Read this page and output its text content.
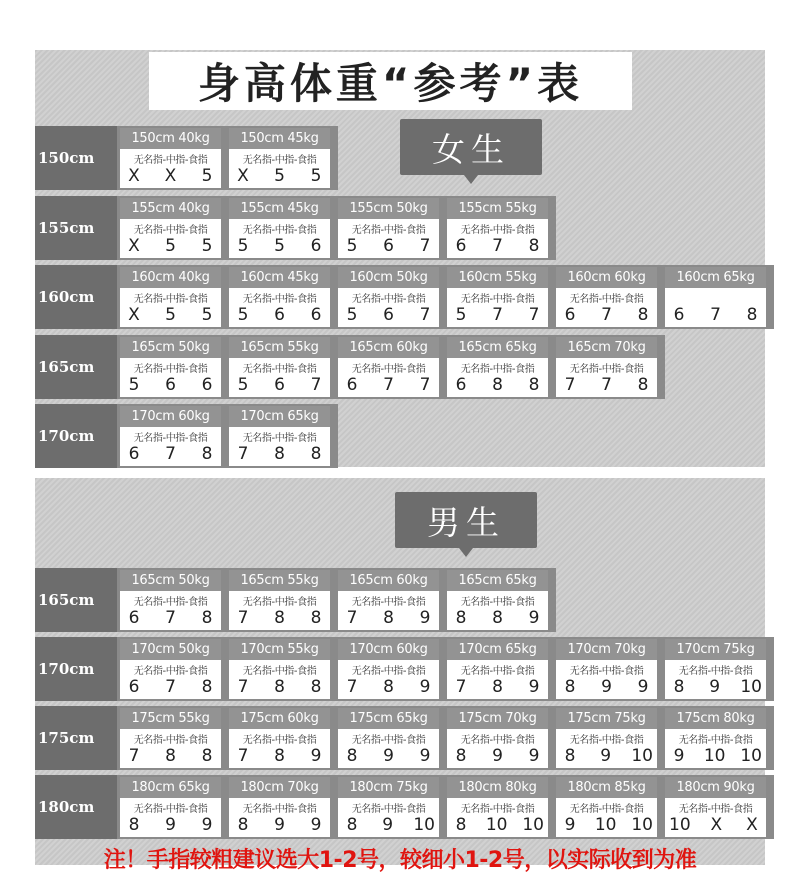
身高体重“参考”表
女生
男生
150cm
150cm 40kg
无名指-中指-食指
X X 5
150cm 45kg
无名指-中指-食指
X 5 5
155cm
155cm 40kg
无名指-中指-食指
X 5 5
155cm 45kg
无名指-中指-食指
5 5 6
155cm 50kg
无名指-中指-食指
5 6 7
155cm 55kg
无名指-中指-食指
6 7 8
160cm
160cm 40kg
无名指-中指-食指
X 5 5
160cm 45kg
无名指-中指-食指
5 6 6
160cm 50kg
无名指-中指-食指
5 6 7
160cm 55kg
无名指-中指-食指
5 7 7
160cm 60kg
无名指-中指-食指
6 7 8
160cm 65kg
6 7 8
165cm
165cm 50kg
无名指-中指-食指
5 6 6
165cm 55kg
无名指-中指-食指
5 6 7
165cm 60kg
无名指-中指-食指
6 7 7
165cm 65kg
无名指-中指-食指
6 8 8
165cm 70kg
无名指-中指-食指
7 7 8
170cm
170cm 60kg
无名指-中指-食指
6 7 8
170cm 65kg
无名指-中指-食指
7 8 8
165cm
165cm 50kg
无名指-中指-食指
6 7 8
165cm 55kg
无名指-中指-食指
7 8 8
165cm 60kg
无名指-中指-食指
7 8 9
165cm 65kg
无名指-中指-食指
8 8 9
170cm
170cm 50kg
无名指-中指-食指
6 7 8
170cm 55kg
无名指-中指-食指
7 8 8
170cm 60kg
无名指-中指-食指
7 8 9
170cm 65kg
无名指-中指-食指
7 8 9
170cm 70kg
无名指-中指-食指
8 9 9
170cm 75kg
无名指-中指-食指
8 9 10
175cm
175cm 55kg
无名指-中指-食指
7 8 8
175cm 60kg
无名指-中指-食指
7 8 9
175cm 65kg
无名指-中指-食指
8 9 9
175cm 70kg
无名指-中指-食指
8 9 9
175cm 75kg
无名指-中指-食指
8 9 10
175cm 80kg
无名指-中指-食指
9 10 10
180cm
180cm 65kg
无名指-中指-食指
8 9 9
180cm 70kg
无名指-中指-食指
8 9 9
180cm 75kg
无名指-中指-食指
8 9 10
180cm 80kg
无名指-中指-食指
8 10 10
180cm 85kg
无名指-中指-食指
9 10 10
180cm 90kg
无名指-中指-食指
10 X X
注！手指较粗建议选大1-2号，较细小1-2号，以实际收到为准
